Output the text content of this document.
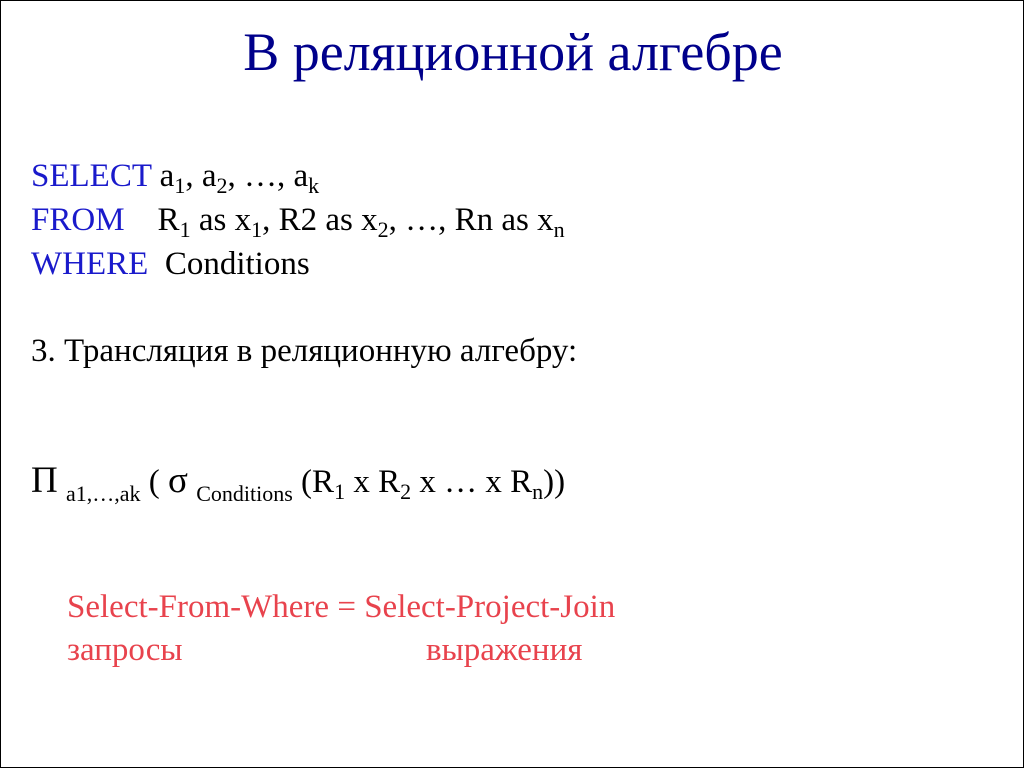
В реляционной алгебре
SELECT $a_1$, $a_2$, …, $a_k$
FROM $R_1$ as $x_1$, R2 as $x_2$, …, Rn as $x_n$
WHERE Conditions
3. Трансляция в реляционную алгебру:
Π $_{a1,\dots,ak}$ ( σ $_{Conditions}$ ($R_1$ x $R_2$ x … x $R_n$))
Select-From-Where = Select-Project-Join
запросы	выражения
